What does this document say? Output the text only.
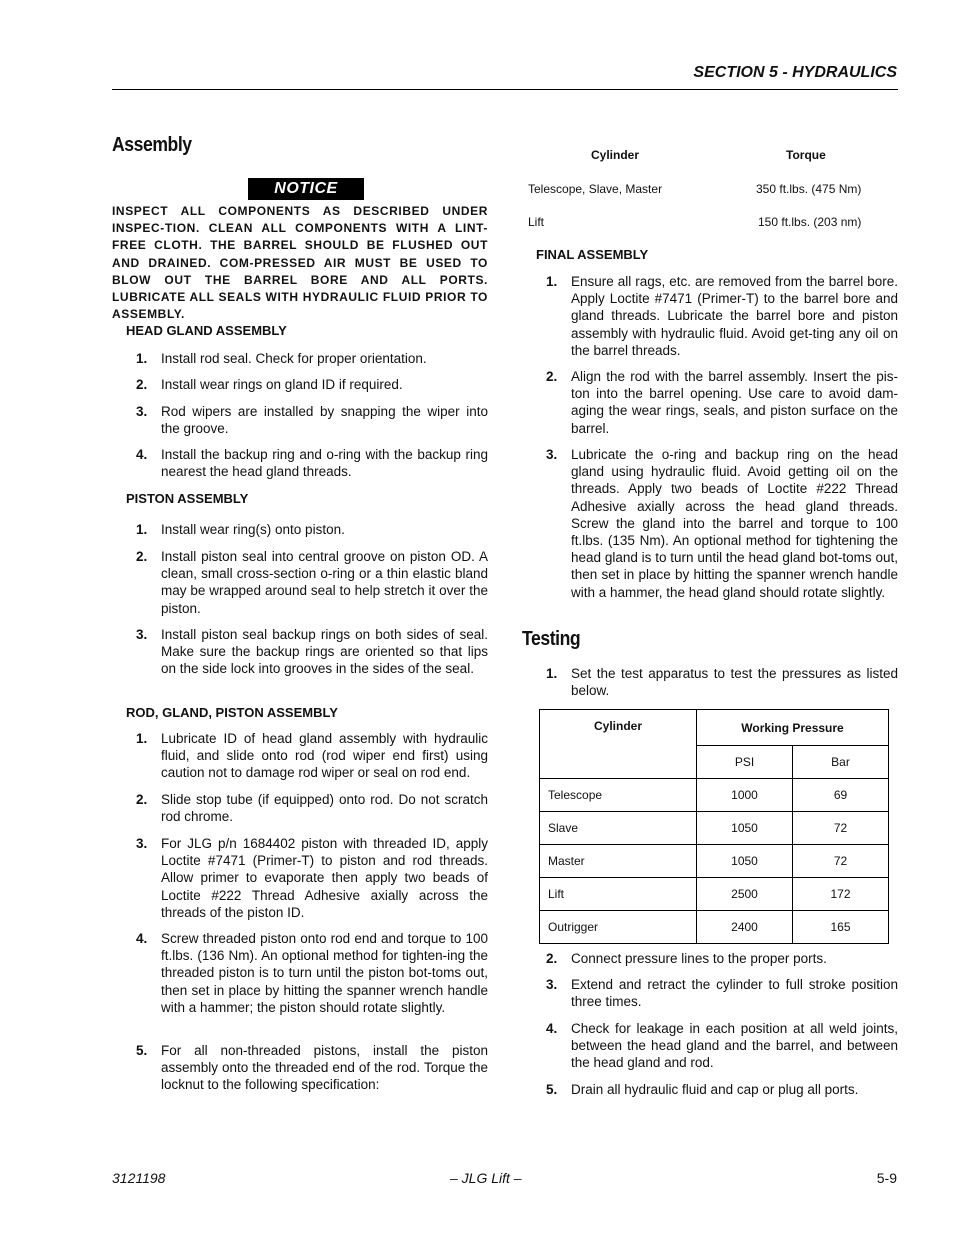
SECTION 5 - HYDRAULICS
Assembly
NOTICE
INSPECT ALL COMPONENTS AS DESCRIBED UNDER INSPEC-TION. CLEAN ALL COMPONENTS WITH A LINT-FREE CLOTH. THE BARREL SHOULD BE FLUSHED OUT AND DRAINED. COM-PRESSED AIR MUST BE USED TO BLOW OUT THE BARREL BORE AND ALL PORTS. LUBRICATE ALL SEALS WITH HYDRAULIC FLUID PRIOR TO ASSEMBLY.
HEAD GLAND ASSEMBLY
1. Install rod seal. Check for proper orientation.
2. Install wear rings on gland ID if required.
3. Rod wipers are installed by snapping the wiper into the groove.
4. Install the backup ring and o-ring with the backup ring nearest the head gland threads.
PISTON ASSEMBLY
1. Install wear ring(s) onto piston.
2. Install piston seal into central groove on piston OD. A clean, small cross-section o-ring or a thin elastic bland may be wrapped around seal to help stretch it over the piston.
3. Install piston seal backup rings on both sides of seal. Make sure the backup rings are oriented so that lips on the side lock into grooves in the sides of the seal.
ROD, GLAND, PISTON ASSEMBLY
1. Lubricate ID of head gland assembly with hydraulic fluid, and slide onto rod (rod wiper end first) using caution not to damage rod wiper or seal on rod end.
2. Slide stop tube (if equipped) onto rod. Do not scratch rod chrome.
3. For JLG p/n 1684402 piston with threaded ID, apply Loctite #7471 (Primer-T) to piston and rod threads. Allow primer to evaporate then apply two beads of Loctite #222 Thread Adhesive axially across the threads of the piston ID.
4. Screw threaded piston onto rod end and torque to 100 ft.lbs. (136 Nm). An optional method for tighten-ing the threaded piston is to turn until the piston bot-toms out, then set in place by hitting the spanner wrench handle with a hammer; the piston should rotate slightly.
5. For all non-threaded pistons, install the piston assembly onto the threaded end of the rod. Torque the locknut to the following specification:
Cylinder	Torque
Telescope, Slave, Master	350 ft.lbs. (475 Nm)
Lift	150 ft.lbs. (203 nm)
FINAL ASSEMBLY
1. Ensure all rags, etc. are removed from the barrel bore. Apply Loctite #7471 (Primer-T) to the barrel bore and gland threads. Lubricate the barrel bore and piston assembly with hydraulic fluid. Avoid get-ting any oil on the barrel threads.
2. Align the rod with the barrel assembly. Insert the pis-ton into the barrel opening. Use care to avoid dam-aging the wear rings, seals, and piston surface on the barrel.
3. Lubricate the o-ring and backup ring on the head gland using hydraulic fluid. Avoid getting oil on the threads. Apply two beads of Loctite #222 Thread Adhesive axially across the head gland threads. Screw the gland into the barrel and torque to 100 ft.lbs. (135 Nm). An optional method for tightening the head gland is to turn until the head gland bot-toms out, then set in place by hitting the spanner wrench handle with a hammer, the head gland should rotate slightly.
Testing
1. Set the test apparatus to test the pressures as listed below.
Cylinder	Working Pressure	
	PSI	Bar
Telescope	1000	69
Slave	1050	72
Master	1050	72
Lift	2500	172
Outrigger	2400	165
2. Connect pressure lines to the proper ports.
3. Extend and retract the cylinder to full stroke position three times.
4. Check for leakage in each position at all weld joints, between the head gland and the barrel, and between the head gland and rod.
5. Drain all hydraulic fluid and cap or plug all ports.
3121198	– JLG Lift –	5-9
